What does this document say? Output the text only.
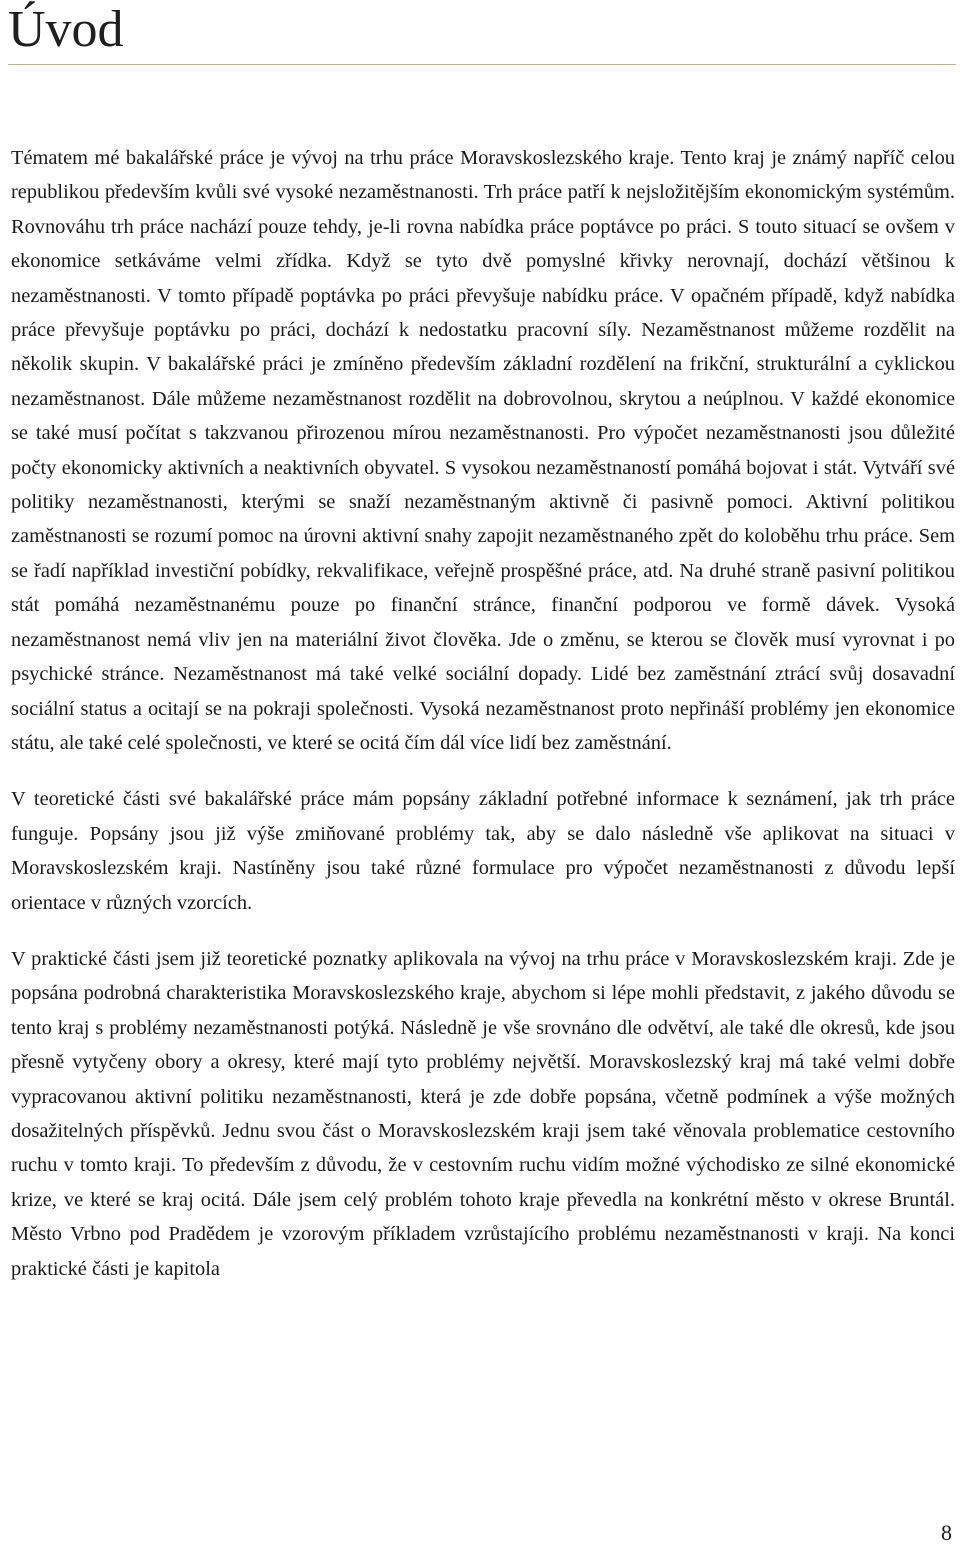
Úvod

Tématem mé bakalářské práce je vývoj na trhu práce Moravskoslezského kraje. Tento kraj je známý napříč celou republikou především kvůli své vysoké nezaměstnanosti. Trh práce patří k nejsložitějším ekonomickým systémům. Rovnováhu trh práce nachází pouze tehdy, je-li rovna nabídka práce poptávce po práci. S touto situací se ovšem v ekonomice setkáváme velmi zřídka. Když se tyto dvě pomyslné křivky nerovnají, dochází většinou k nezaměstnanosti. V tomto případě poptávka po práci převyšuje nabídku práce. V opačném případě, když nabídka práce převyšuje poptávku po práci, dochází k nedostatku pracovní síly. Nezaměstnanost můžeme rozdělit na několik skupin. V bakalářské práci je zmíněno především základní rozdělení na frikční, strukturální a cyklickou nezaměstnanost. Dále můžeme nezaměstnanost rozdělit na dobrovolnou, skrytou a neúplnou. V každé ekonomice se také musí počítat s takzvanou přirozenou mírou nezaměstnanosti. Pro výpočet nezaměstnanosti jsou důležité počty ekonomicky aktivních a neaktivních obyvatel. S vysokou nezaměstnaností pomáhá bojovat i stát. Vytváří své politiky nezaměstnanosti, kterými se snaží nezaměstnaným aktivně či pasivně pomoci. Aktivní politikou zaměstnanosti se rozumí pomoc na úrovni aktivní snahy zapojit nezaměstnaného zpět do koloběhu trhu práce. Sem se řadí například investiční pobídky, rekvalifikace, veřejně prospěšné práce, atd. Na druhé straně pasivní politikou stát pomáhá nezaměstnanému pouze po finanční stránce, finanční podporou ve formě dávek. Vysoká nezaměstnanost nemá vliv jen na materiální život člověka. Jde o změnu, se kterou se člověk musí vyrovnat i po psychické stránce. Nezaměstnanost má také velké sociální dopady. Lidé bez zaměstnání ztrácí svůj dosavadní sociální status a ocitají se na pokraji společnosti. Vysoká nezaměstnanost proto nepřináší problémy jen ekonomice státu, ale také celé společnosti, ve které se ocitá čím dál více lidí bez zaměstnání.

V teoretické části své bakalářské práce mám popsány základní potřebné informace k seznámení, jak trh práce funguje. Popsány jsou již výše zmiňované problémy tak, aby se dalo následně vše aplikovat na situaci v Moravskoslezském kraji. Nastíněny jsou také různé formulace pro výpočet nezaměstnanosti z důvodu lepší orientace v různých vzorcích.

V praktické části jsem již teoretické poznatky aplikovala na vývoj na trhu práce v Moravskoslezském kraji. Zde je popsána podrobná charakteristika Moravskoslezského kraje, abychom si lépe mohli představit, z jakého důvodu se tento kraj s problémy nezaměstnanosti potýká. Následně je vše srovnáno dle odvětví, ale také dle okresů, kde jsou přesně vytyčeny obory a okresy, které mají tyto problémy největší. Moravskoslezský kraj má také velmi dobře vypracovanou aktivní politiku nezaměstnanosti, která je zde dobře popsána, včetně podmínek a výše možných dosažitelných příspěvků. Jednu svou část o Moravskoslezském kraji jsem také věnovala problematice cestovního ruchu v tomto kraji. To především z důvodu, že v cestovním ruchu vidím možné východisko ze silné ekonomické krize, ve které se kraj ocitá. Dále jsem celý problém tohoto kraje převedla na konkrétní město v okrese Bruntál. Město Vrbno pod Pradědem je vzorovým příkladem vzrůstajícího problému nezaměstnanosti v kraji. Na konci praktické části je kapitola

8
